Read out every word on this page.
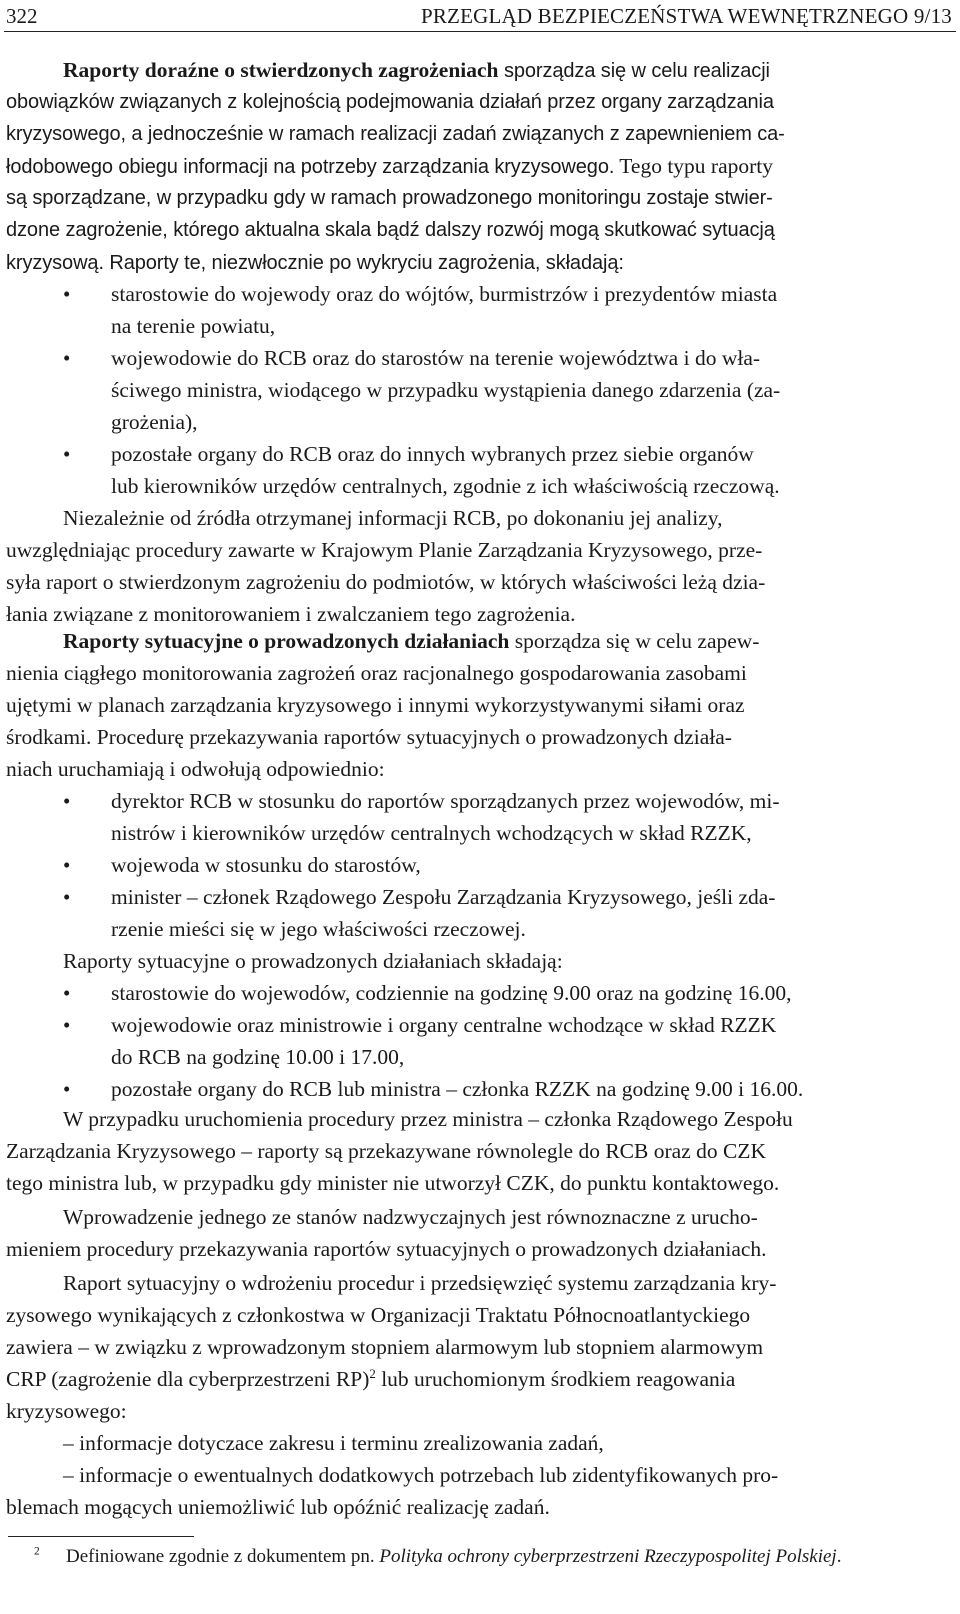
322	PRZEGLĄD BEZPIECZEŃSTWA WEWNĘTRZNEGO 9/13
Raporty doraźne o stwierdzonych zagrożeniach sporządza się w celu realizacji
obowiązków związanych z kolejnością podejmowania działań przez organy zarządzania
kryzysowego, a jednocześnie w ramach realizacji zadań związanych z zapewnieniem ca-
łodobowego obiegu informacji na potrzeby zarządzania kryzysowego. Tego typu raporty
są sporządzane, w przypadku gdy w ramach prowadzonego monitoringu zostaje stwier-
dzone zagrożenie, którego aktualna skala bądź dalszy rozwój mogą skutkować sytuacją
kryzysową. Raporty te, niezwłocznie po wykryciu zagrożenia, składają:
• starostowie do wojewody oraz do wójtów, burmistrzów i prezydentów miasta
na terenie powiatu,
• wojewodowie do RCB oraz do starostów na terenie województwa i do wła-
ściwego ministra, wiodącego w przypadku wystąpienia danego zdarzenia (za-
grożenia),
• pozostałe organy do RCB oraz do innych wybranych przez siebie organów
lub kierowników urzędów centralnych, zgodnie z ich właściwością rzeczową.
Niezależnie od źródła otrzymanej informacji RCB, po dokonaniu jej analizy,
uwzględniając procedury zawarte w Krajowym Planie Zarządzania Kryzysowego, prze-
syła raport o stwierdzonym zagrożeniu do podmiotów, w których właściwości leżą dzia-
łania związane z monitorowaniem i zwalczaniem tego zagrożenia.
Raporty sytuacyjne o prowadzonych działaniach sporządza się w celu zapew-
nienia ciągłego monitorowania zagrożeń oraz racjonalnego gospodarowania zasobami
ujętymi w planach zarządzania kryzysowego i innymi wykorzystywanymi siłami oraz
środkami. Procedurę przekazywania raportów sytuacyjnych o prowadzonych działa-
niach uruchamiają i odwołują odpowiednio:
• dyrektor RCB w stosunku do raportów sporządzanych przez wojewodów, mi-
nistrów i kierowników urzędów centralnych wchodzących w skład RZZK,
• wojewoda w stosunku do starostów,
• minister – członek Rządowego Zespołu Zarządzania Kryzysowego, jeśli zda-
rzenie mieści się w jego właściwości rzeczowej.
Raporty sytuacyjne o prowadzonych działaniach składają:
• starostowie do wojewodów, codziennie na godzinę 9.00 oraz na godzinę 16.00,
• wojewodowie oraz ministrowie i organy centralne wchodzące w skład RZZK
do RCB na godzinę 10.00 i 17.00,
• pozostałe organy do RCB lub ministra – członka RZZK na godzinę 9.00 i 16.00.
W przypadku uruchomienia procedury przez ministra – członka Rządowego Zespołu
Zarządzania Kryzysowego – raporty są przekazywane równolegle do RCB oraz do CZK
tego ministra lub, w przypadku gdy minister nie utworzył CZK, do punktu kontaktowego.
Wprowadzenie jednego ze stanów nadzwyczajnych jest równoznaczne z urucho-
mieniem procedury przekazywania raportów sytuacyjnych o prowadzonych działaniach.
Raport sytuacyjny o wdrożeniu procedur i przedsięwzięć systemu zarządzania kry-
zysowego wynikających z członkostwa w Organizacji Traktatu Północnoatlantyckiego
zawiera – w związku z wprowadzonym stopniem alarmowym lub stopniem alarmowym
CRP (zagrożenie dla cyberprzestrzeni RP)$^2$ lub uruchomionym środkiem reagowania
kryzysowego:
– informacje dotyczace zakresu i terminu zrealizowania zadań,
– informacje o ewentualnych dodatkowych potrzebach lub zidentyfikowanych pro-
blemach mogących uniemożliwić lub opóźnić realizację zadań.
$^2$ Definiowane zgodnie z dokumentem pn. Polityka ochrony cyberprzestrzeni Rzeczypospolitej Polskiej.
